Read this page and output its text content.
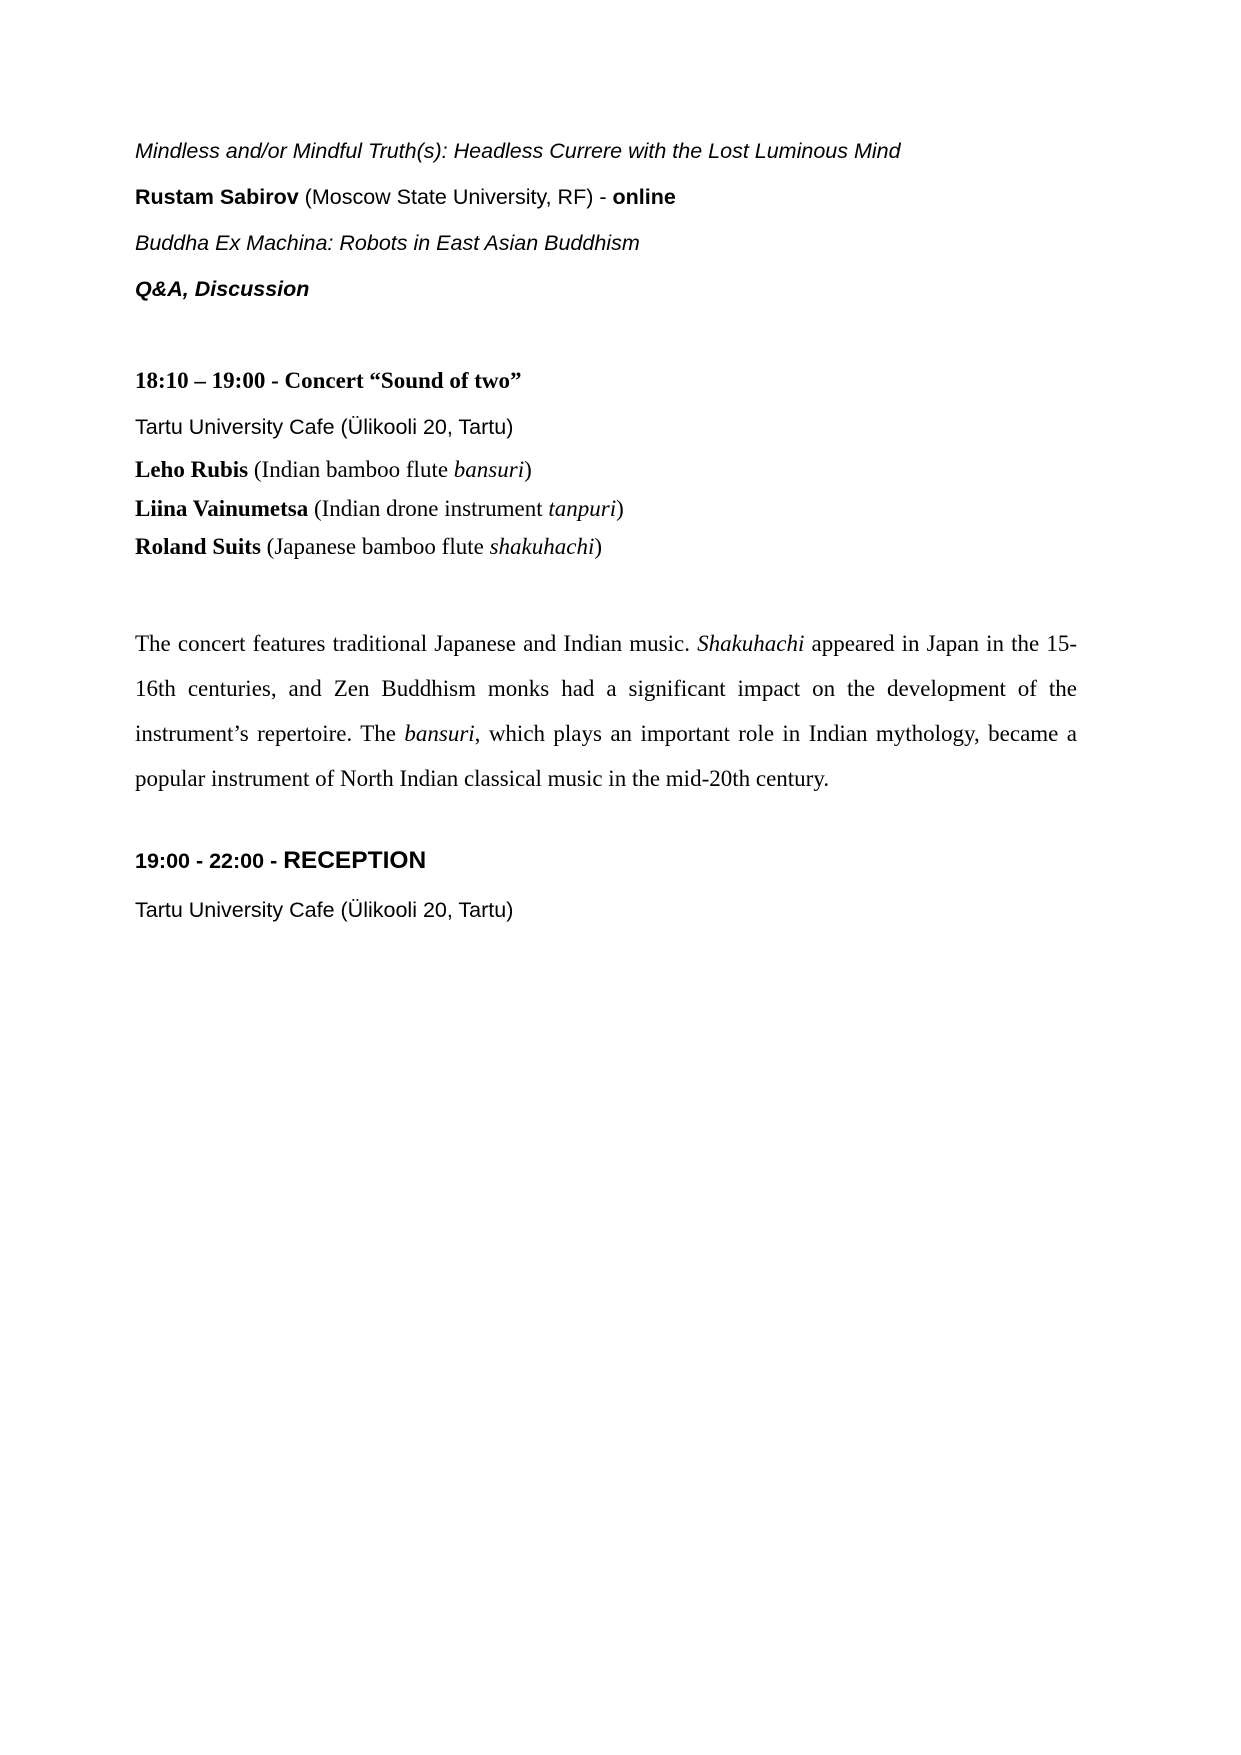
Mindless and/or Mindful Truth(s): Headless Currere with the Lost Luminous Mind
Rustam Sabirov (Moscow State University, RF) - online
Buddha Ex Machina: Robots in East Asian Buddhism
Q&A, Discussion
18:10 – 19:00 - Concert “Sound of two”
Tartu University Cafe (Ülikooli 20, Tartu)
Leho Rubis (Indian bamboo flute bansuri)
Liina Vainumetsa (Indian drone instrument tanpuri)
Roland Suits (Japanese bamboo flute shakuhachi)

The concert features traditional Japanese and Indian music. Shakuhachi appeared in Japan in the 15-16th centuries, and Zen Buddhism monks had a significant impact on the development of the instrument’s repertoire. The bansuri, which plays an important role in Indian mythology, became a popular instrument of North Indian classical music in the mid-20th century.

19:00 - 22:00 - RECEPTION
Tartu University Cafe (Ülikooli 20, Tartu)
